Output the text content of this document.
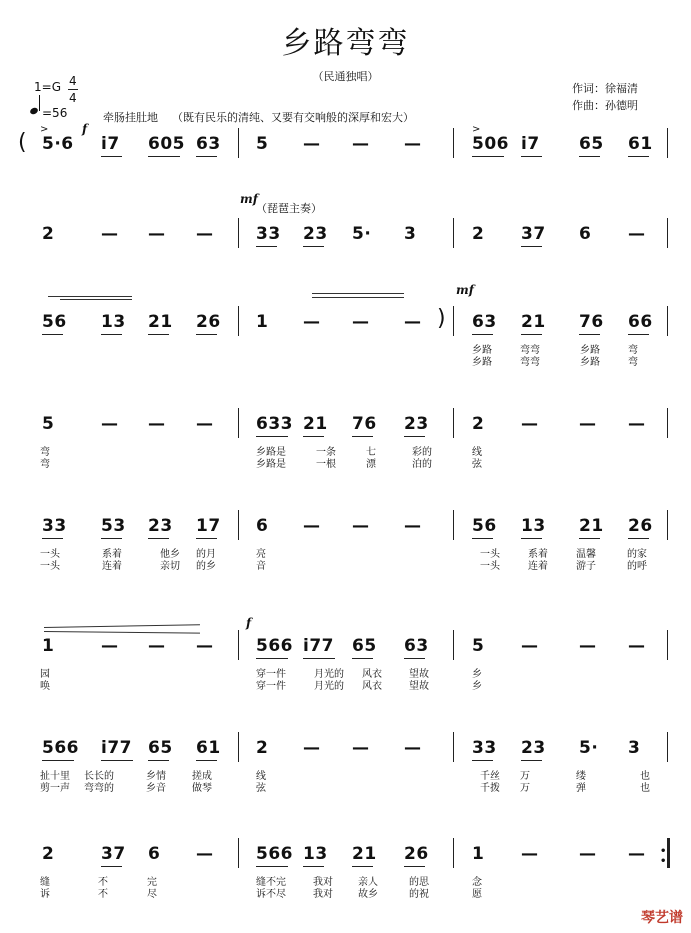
乡路弯弯
（民通独唱）
1=G 4
4
=56	牵肠挂肚地 （既有民乐的清纯、又要有交响般的深厚和宏大）
作词：徐福清
作曲：孙德明
f
mf
（琵琶主奏）
mf
f
>	>
(
)
5·6 i7 605 63 5 — — —	506 i7 65 61
2	— — —	33 23 5· 3	2 37 6 —
56 13 21 26 1 — — —	63 21 76 66
乡路	弯弯	乡路	弯
乡路	弯弯	乡路	弯
5	— — —	633 21 76 23	2 — — —
弯	乡路是	一条	七	彩的	线
弯	乡路是	一根	漂	泊的	弦
33 53 23 17 6 — — —	56 13 21 26
一头	系着	他乡 的月	亮	一头	系着	温馨	的家
一头	连着	亲切 的乡	音	一头	连着	游子	的呼
1	— — —	566 i77 65 63	5 — — —
园	穿一件	月光的 风衣	望故	乡
唤	穿一件	月光的 风衣	望故	乡
566 i77 65 61 2 — — —	33 23 5· 3
扯十里 长长的	乡情	搓成	线	千丝 万	缕	也
剪一声 弯弯的	乡音	做琴	弦	千拨 万	弹	也
2	37 6 —	566 13 21 26	1 — — —
缝	不	完	缝不完	我对	亲人	的思	念
诉	不	尽	诉不尽	我对	故乡	的祝	愿
•
•
琴艺谱
